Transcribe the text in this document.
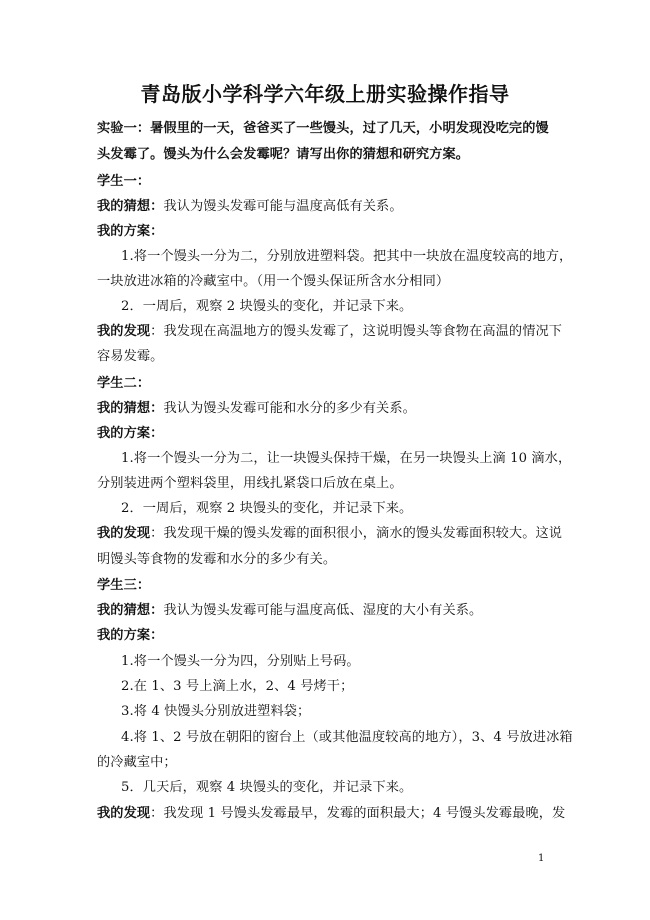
青岛版小学科学六年级上册实验操作指导
实验一：暑假里的一天，爸爸买了一些馒头，过了几天，小明发现没吃完的馒
头发霉了。馒头为什么会发霉呢？请写出你的猜想和研究方案。
学生一：
我的猜想：我认为馒头发霉可能与温度高低有关系。
我的方案：
1.将一个馒头一分为二，分别放进塑料袋。把其中一块放在温度较高的地方，
一块放进冰箱的冷藏室中。（用一个馒头保证所含水分相同）
2．一周后，观察 2 块馒头的变化，并记录下来。
我的发现：我发现在高温地方的馒头发霉了，这说明馒头等食物在高温的情况下
容易发霉。
学生二：
我的猜想：我认为馒头发霉可能和水分的多少有关系。
我的方案：
1.将一个馒头一分为二，让一块馒头保持干燥，在另一块馒头上滴 10 滴水，
分别装进两个塑料袋里，用线扎紧袋口后放在桌上。
2．一周后，观察 2 块馒头的变化，并记录下来。
我的发现：我发现干燥的馒头发霉的面积很小，滴水的馒头发霉面积较大。这说
明馒头等食物的发霉和水分的多少有关。
学生三：
我的猜想：我认为馒头发霉可能与温度高低、湿度的大小有关系。
我的方案：
1.将一个馒头一分为四，分别贴上号码。
2.在 1、3 号上滴上水，2、4 号烤干；
3.将 4 快馒头分别放进塑料袋；
4.将 1、2 号放在朝阳的窗台上（或其他温度较高的地方），3、4 号放进冰箱
的冷藏室中；
5．几天后，观察 4 块馒头的变化，并记录下来。
我的发现：我发现 1 号馒头发霉最早，发霉的面积最大；4 号馒头发霉最晚，发
1
